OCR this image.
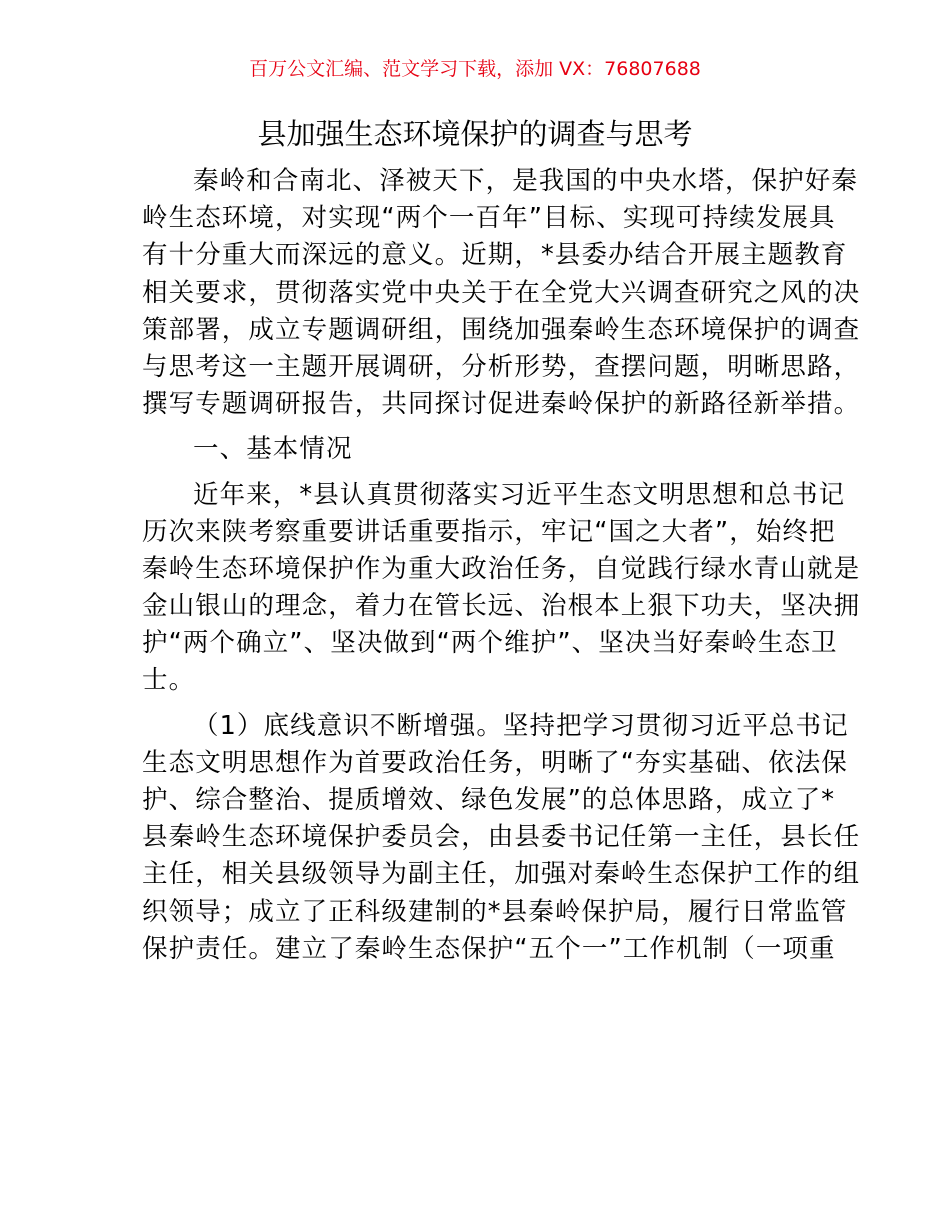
百万公文汇编、范文学习下载，添加 VX：76807688
县加强生态环境保护的调查与思考
秦岭和合南北、泽被天下，是我国的中央水塔，保护好秦
岭生态环境，对实现“两个一百年”目标、实现可持续发展具
有十分重大而深远的意义。近期，*县委办结合开展主题教育
相关要求，贯彻落实党中央关于在全党大兴调查研究之风的决
策部署，成立专题调研组，围绕加强秦岭生态环境保护的调查
与思考这一主题开展调研，分析形势，查摆问题，明晰思路，
撰写专题调研报告，共同探讨促进秦岭保护的新路径新举措。
一、基本情况
近年来，*县认真贯彻落实习近平生态文明思想和总书记
历次来陕考察重要讲话重要指示，牢记“国之大者”，始终把
秦岭生态环境保护作为重大政治任务，自觉践行绿水青山就是
金山银山的理念，着力在管长远、治根本上狠下功夫，坚决拥
护“两个确立”、坚决做到“两个维护”、坚决当好秦岭生态卫
士。
（1）底线意识不断增强。坚持把学习贯彻习近平总书记
生态文明思想作为首要政治任务，明晰了“夯实基础、依法保
护、综合整治、提质增效、绿色发展”的总体思路，成立了*
县秦岭生态环境保护委员会，由县委书记任第一主任，县长任
主任，相关县级领导为副主任，加强对秦岭生态保护工作的组
织领导；成立了正科级建制的*县秦岭保护局，履行日常监管
保护责任。建立了秦岭生态保护“五个一”工作机制（一项重
